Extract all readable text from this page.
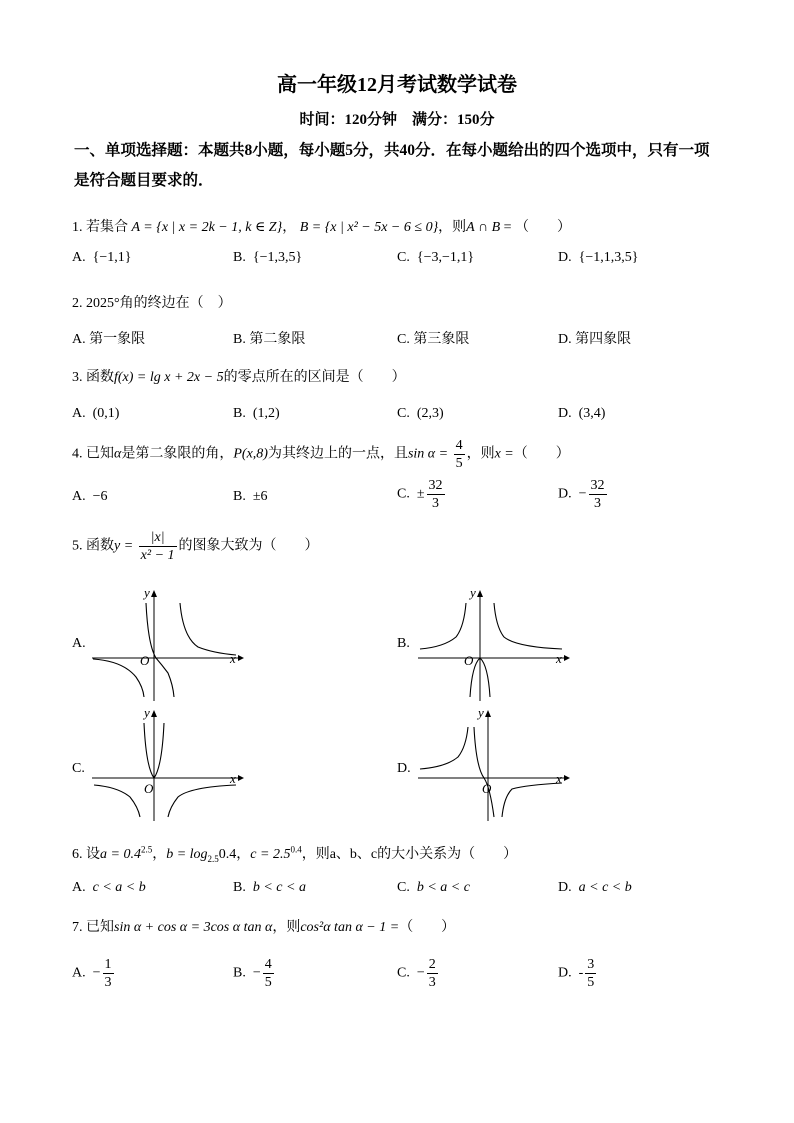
高一年级12月考试数学试卷
时间：120分钟　满分：150分
一、单项选择题：本题共8小题，每小题5分，共40分．在每小题给出的四个选项中，只有一项是符合题目要求的．
1. 若集合 A = {x | x = 2k − 1, k ∈ Z}， B = {x | x² − 5x − 6 ≤ 0}，则A ∩ B = （　　）
A. {−1,1}	B. {−1,3,5}	C. {−3,−1,1}	D. {−1,1,3,5}
2. 2025°角的终边在（　）
A. 第一象限	B. 第二象限	C. 第三象限	D. 第四象限
3. 函数f(x) = lg x + 2x − 5的零点所在的区间是（　　）
A. (0,1)	B. (1,2)	C. (2,3)	D. (3,4)
4. 已知α是第二象限的角，P(x,8)为其终边上的一点，且$\sin \alpha = \frac{4}{5}$ ，则x =（　　）
A. −6	B. ±6	C. ± $\frac{32}{3}$	D. − $\frac{32}{3}$
5. 函数$y = \frac{|x|}{\text{x² − 1}}$ 的图象大致为（　　）
A.	B.
C.	D.
y
x
O
y
x
O
y
x
O
y
x
O
6. 设$a = 0.4^{2.5}$，$b = \log_{2.5}0.4$，$c = 2.5^{0.4}$，则a、b、c的大小关系为（　　）
A. c < a < b	B. b < c < a	C. b < a < c	D. a < c < b
7. 已知sin α + cos α = 3cos α tan α，则cos²α tan α − 1 =（　　）
A. − $\frac{1}{3}$	B. − $\frac{4}{5}$	C. − $\frac{2}{3}$	D. - $\frac{3}{5}$
